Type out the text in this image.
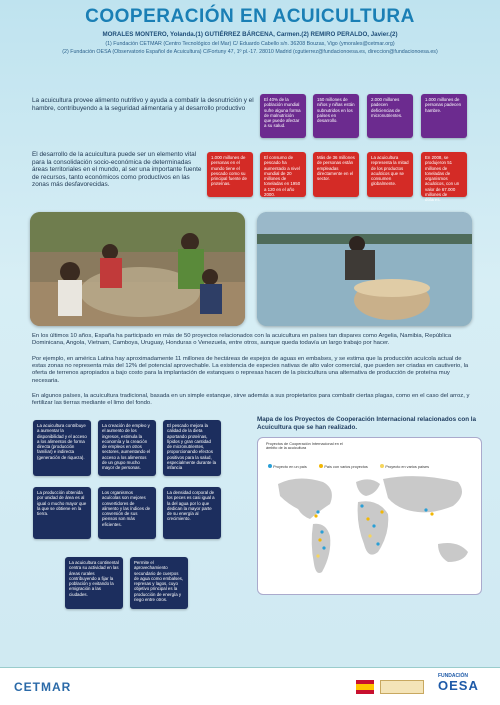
COOPERACIÓN EN ACUICULTURA
MORALES MONTERO, Yolanda.(1) GUTIÉRREZ BÁRCENA, Carmen.(2) REMIRO PERALDO, Javier.(2)
(1) Fundación CETMAR (Centro Tecnológico del Mar) C/ Eduardo Cabello s/n. 36208 Bouzas, Vigo (ymorales@cetmar.org)
(2) Fundación OESA (Observatorio Español de Acuicultura) C/Fortuny 47, 1º pl.-17. 28010 Madrid (cgutierrez@fundacionoesa.es, direccion@fundacionoesa.es)
La acuicultura provee alimento nutritivo y ayuda a combatir la desnutrición y el hambre, contribuyendo a la seguridad alimentaria y al desarrollo productivo
El desarrollo de la acuicultura puede ser un elemento vital para la consolidación socio-económica de determinadas áreas territoriales en el mundo, al ser una importante fuente de recursos, tanto económicos como productivos en las zonas más desfavorecidas.
El 40% de la población mundial sufre alguna forma de malnutrición que puede afectar a su salud.
150 millones de niños y niñas están subnutridos en los países en desarrollo.
2.000 millones padecen deficiencias de micronutrientes.
1.000 millones de personas padecen hambre.
1.000 millones de personas en el mundo tiene el pescado como su principal fuente de proteínas.
El consumo de pescado ha aumentado a nivel mundial de 20 millones de toneladas en 1950 a 120 en el año 2000.
Más de 36 millones de personas están empleadas directamente en el sector.
La acuicultura representa la mitad de los productos acuáticos que se consumen globalmente.
En 2008, se produjeron 51 millones de toneladas de organismos acuáticos, con un valor de 67.000 millones de dólares.
En los últimos 10 años, España ha participado en más de 50 proyectos relacionados con la acuicultura en países tan dispares como Argelia, Namibia, República Dominicana, Angola, Vietnam, Camboya, Uruguay, Honduras o Venezuela, entre otros, aunque queda todavía un largo trabajo por hacer.
Por ejemplo, en américa Latina hay aproximadamente 11 millones de hectáreas de espejos de aguas en embalses, y se estima que la producción acuícola actual de estas zonas no representa más del 12% del potencial aprovechable. La existencia de especies nativas de alto valor comercial, que pueden ser criadas en cautiverio, la oferta de terrenos apropiados a bajo costo para la implantación de estanques o represas hacen de la piscicultura una alternativa de producción de proteína muy necesaria.
En algunos países, la acuicultura tradicional, basada en un simple estanque, sirve además a sus propietarios para combatir ciertas plagas, como en el caso del arroz, y fertilizar las tierras mediante el limo del fondo.
La acuicultura contribuye a aumentar la disponibilidad y el acceso a los alimentos de forma directa (producción familiar) e indirecta (generación de riqueza).
La creación de empleo y el aumento de los ingresos, estimula la economía y la creación de empleos en otros sectores, aumentando el acceso a los alimentos de un grupo mucho mayor de personas.
El pescado mejora la calidad de la dieta aportando proteínas, lípidos y gran cantidad de micronutrientes, proporcionando efectos positivos para la salud, especialmente durante la infancia
La producción obtenida por unidad de área es al igual o mucho mayor que la que se obtiene en la tierra.
Los organismos acuícolas son mejores convertidores de alimento y las índices de conversión de sus piensos son más eficientes.
La densidad corporal de los peces es casi igual a la del agua por lo que dedican la mayor parte de su energía al crecimiento.
La acuicultura continental centra su actividad en las áreas rurales contribuyendo a fijar la población y evitando la emigración a las ciudades.
Permite el aprovechamiento secundario de cuerpos de agua como embalses, represas y lagos, cuyo objetivo principal es la producción de energía y riego entre otros.
Mapa de los Proyectos de Cooperación Internacional relacionados con la Acuicultura que se han realizado.
Proyectos de Cooperación Internacional en el ámbito de la acuicultura
Proyecto en un país	País con varios proyectos	Proyecto en varios países
CETMAR
FUNDACIÓN
OESA
